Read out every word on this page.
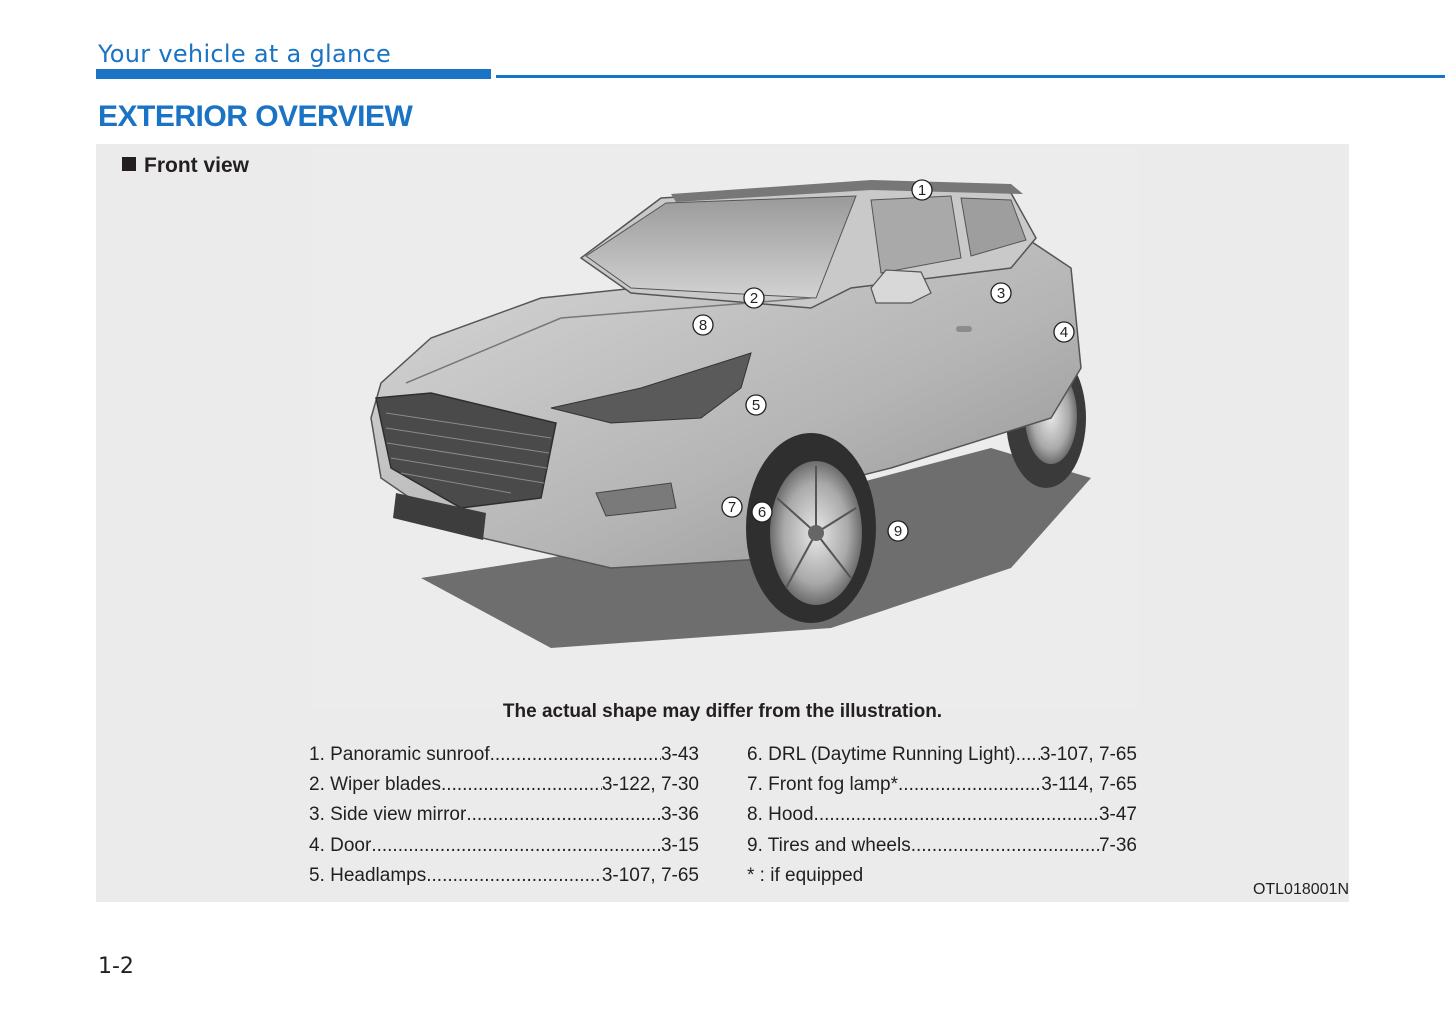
Your vehicle at a glance
EXTERIOR OVERVIEW
Front view
1
2	3
4
5
6
7
8
9
The actual shape may differ from the illustration.
1. Panoramic sunroof .....	3-43
2. Wiper blades .....	3-122, 7-30
3. Side view mirror .....	3-36
4. Door .....	3-15
5. Headlamps .....	3-107, 7-65
6. DRL (Daytime Running Light) ..... 3-107, 7-65
7. Front fog lamp* .....	3-114, 7-65
8. Hood .....	3-47
9. Tires and wheels .....	7-36
* : if equipped
OTL018001N
1-2
